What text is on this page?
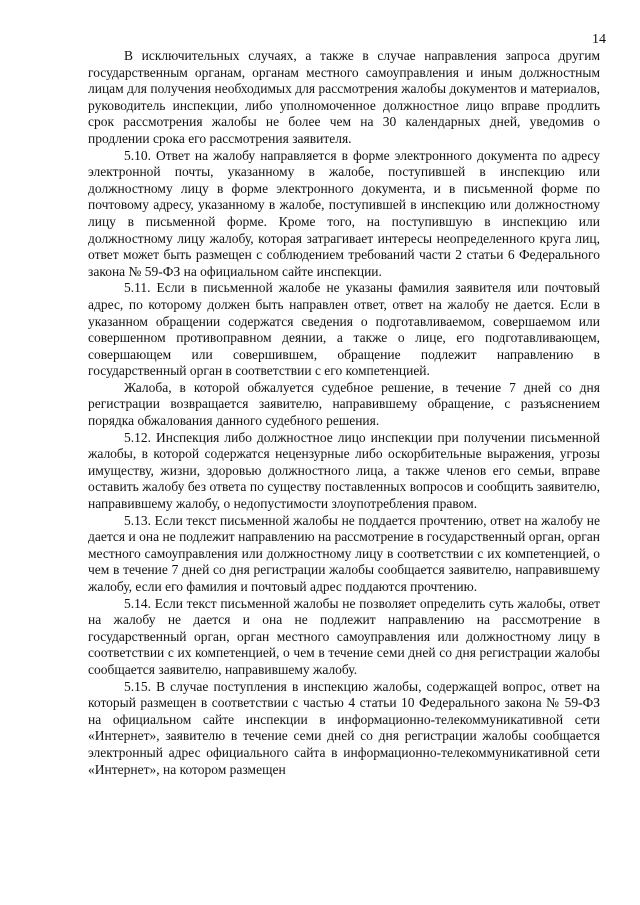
14

В исключительных случаях, а также в случае направления запроса другим государственным органам, органам местного самоуправления и иным должностным лицам для получения необходимых для рассмотрения жалобы документов и материалов, руководитель инспекции, либо уполномоченное должностное лицо вправе продлить срок рассмотрения жалобы не более чем на 30 календарных дней, уведомив о продлении срока его рассмотрения заявителя.

5.10. Ответ на жалобу направляется в форме электронного документа по адресу электронной почты, указанному в жалобе, поступившей в инспекцию или должностному лицу в форме электронного документа, и в письменной форме по почтовому адресу, указанному в жалобе, поступившей в инспекцию или должностному лицу в письменной форме. Кроме того, на поступившую в инспекцию или должностному лицу жалобу, которая затрагивает интересы неопределенного круга лиц, ответ может быть размещен с соблюдением требований части 2 статьи 6 Федерального закона № 59-ФЗ на официальном сайте инспекции.

5.11. Если в письменной жалобе не указаны фамилия заявителя или почтовый адрес, по которому должен быть направлен ответ, ответ на жалобу не дается. Если в указанном обращении содержатся сведения о подготавливаемом, совершаемом или совершенном противоправном деянии, а также о лице, его подготавливающем, совершающем или совершившем, обращение подлежит направлению в государственный орган в соответствии с его компетенцией.

Жалоба, в которой обжалуется судебное решение, в течение 7 дней со дня регистрации возвращается заявителю, направившему обращение, с разъяснением порядка обжалования данного судебного решения.

5.12. Инспекция либо должностное лицо инспекции при получении письменной жалобы, в которой содержатся нецензурные либо оскорбительные выражения, угрозы имуществу, жизни, здоровью должностного лица, а также членов его семьи, вправе оставить жалобу без ответа по существу поставленных вопросов и сообщить заявителю, направившему жалобу, о недопустимости злоупотребления правом.

5.13. Если текст письменной жалобы не поддается прочтению, ответ на жалобу не дается и она не подлежит направлению на рассмотрение в государственный орган, орган местного самоуправления или должностному лицу в соответствии с их компетенцией, о чем в течение 7 дней со дня регистрации жалобы сообщается заявителю, направившему жалобу, если его фамилия и почтовый адрес поддаются прочтению.

5.14. Если текст письменной жалобы не позволяет определить суть жалобы, ответ на жалобу не дается и она не подлежит направлению на рассмотрение в государственный орган, орган местного самоуправления или должностному лицу в соответствии с их компетенцией, о чем в течение семи дней со дня регистрации жалобы сообщается заявителю, направившему жалобу.

5.15. В случае поступления в инспекцию жалобы, содержащей вопрос, ответ на который размещен в соответствии с частью 4 статьи 10 Федерального закона № 59-ФЗ на официальном сайте инспекции в информационно-телекоммуникативной сети «Интернет», заявителю в течение семи дней со дня регистрации жалобы сообщается электронный адрес официального сайта в информационно-телекоммуникативной сети «Интернет», на котором размещен
